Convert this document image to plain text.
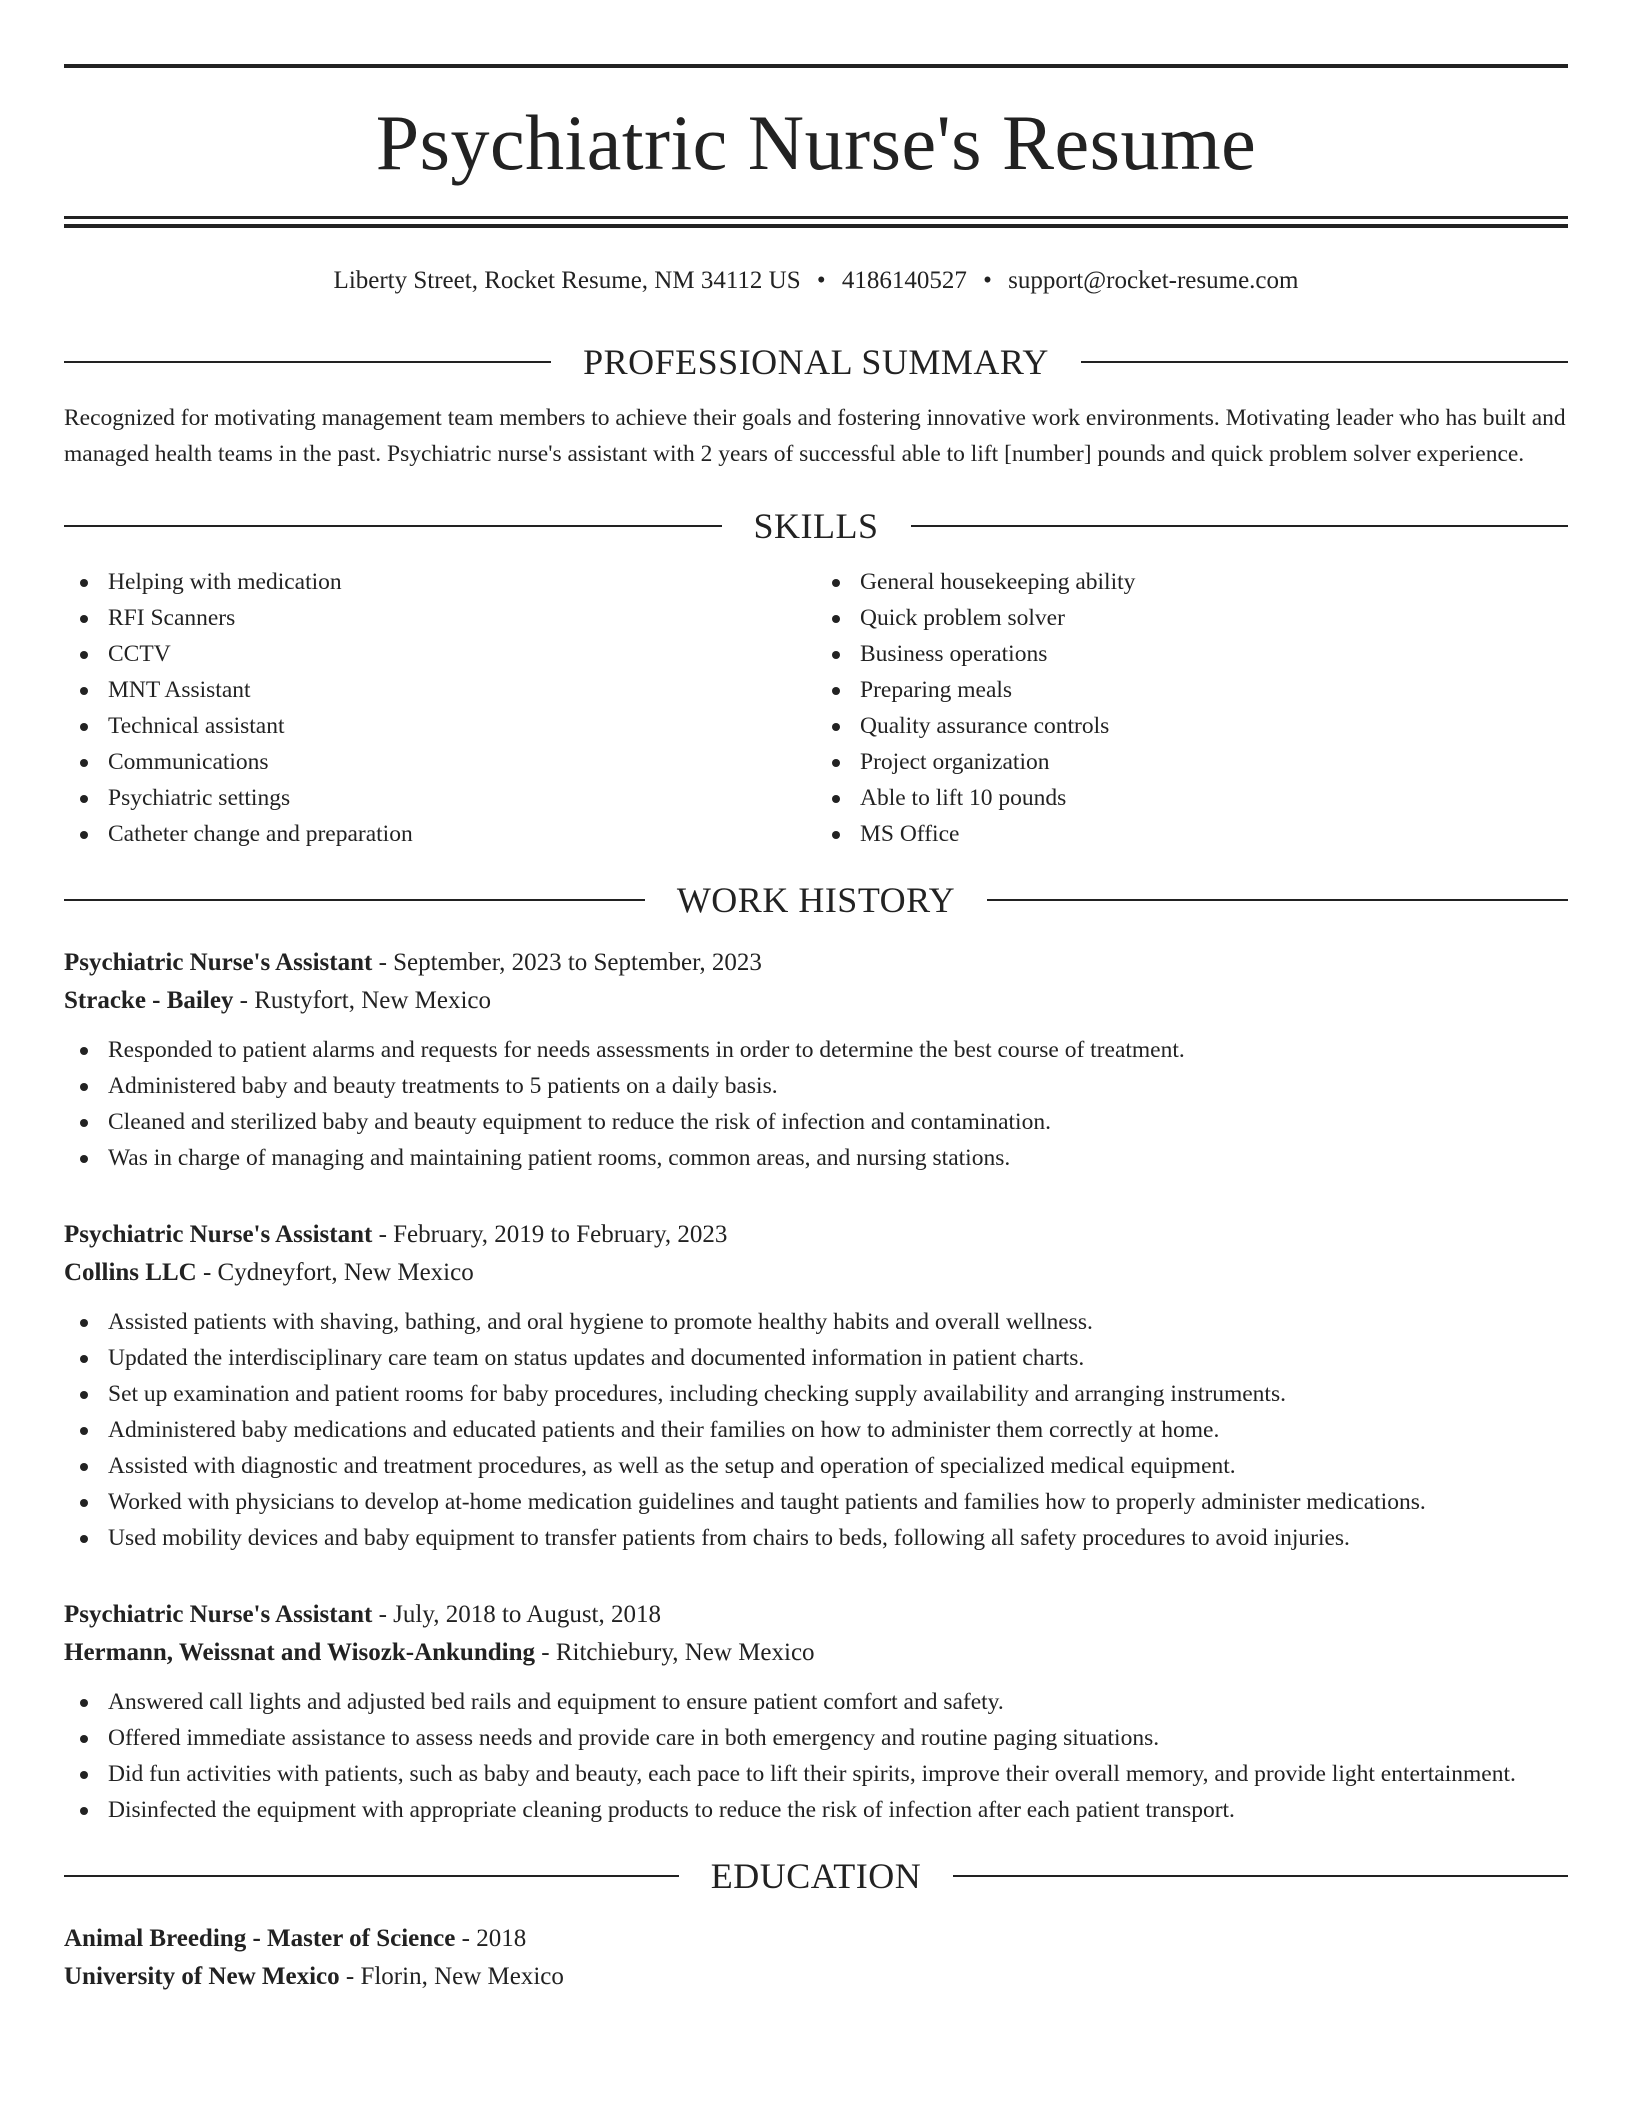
Psychiatric Nurse's Resume
Liberty Street, Rocket Resume, NM 34112 US • 4186140527 • support@rocket-resume.com
PROFESSIONAL SUMMARY

Recognized for motivating management team members to achieve their goals and fostering innovative work environments. Motivating leader who has built and managed health teams in the past. Psychiatric nurse's assistant with 2 years of successful able to lift [number] pounds and quick problem solver experience.

SKILLS
Helping with medication
RFI Scanners
CCTV
MNT Assistant
Technical assistant
Communications
Psychiatric settings
Catheter change and preparation
General housekeeping ability
Quick problem solver
Business operations
Preparing meals
Quality assurance controls
Project organization
Able to lift 10 pounds
MS Office
WORK HISTORY
Psychiatric Nurse's Assistant - September, 2023 to September, 2023
Stracke - Bailey - Rustyfort, New Mexico
Responded to patient alarms and requests for needs assessments in order to determine the best course of treatment.
Administered baby and beauty treatments to 5 patients on a daily basis.
Cleaned and sterilized baby and beauty equipment to reduce the risk of infection and contamination.
Was in charge of managing and maintaining patient rooms, common areas, and nursing stations.
Psychiatric Nurse's Assistant - February, 2019 to February, 2023
Collins LLC - Cydneyfort, New Mexico
Assisted patients with shaving, bathing, and oral hygiene to promote healthy habits and overall wellness.
Updated the interdisciplinary care team on status updates and documented information in patient charts.
Set up examination and patient rooms for baby procedures, including checking supply availability and arranging instruments.
Administered baby medications and educated patients and their families on how to administer them correctly at home.
Assisted with diagnostic and treatment procedures, as well as the setup and operation of specialized medical equipment.
Worked with physicians to develop at-home medication guidelines and taught patients and families how to properly administer medications.
Used mobility devices and baby equipment to transfer patients from chairs to beds, following all safety procedures to avoid injuries.
Psychiatric Nurse's Assistant - July, 2018 to August, 2018
Hermann, Weissnat and Wisozk-Ankunding - Ritchiebury, New Mexico
Answered call lights and adjusted bed rails and equipment to ensure patient comfort and safety.
Offered immediate assistance to assess needs and provide care in both emergency and routine paging situations.
Did fun activities with patients, such as baby and beauty, each pace to lift their spirits, improve their overall memory, and provide light entertainment.
Disinfected the equipment with appropriate cleaning products to reduce the risk of infection after each patient transport.
EDUCATION
Animal Breeding - Master of Science - 2018
University of New Mexico - Florin, New Mexico
